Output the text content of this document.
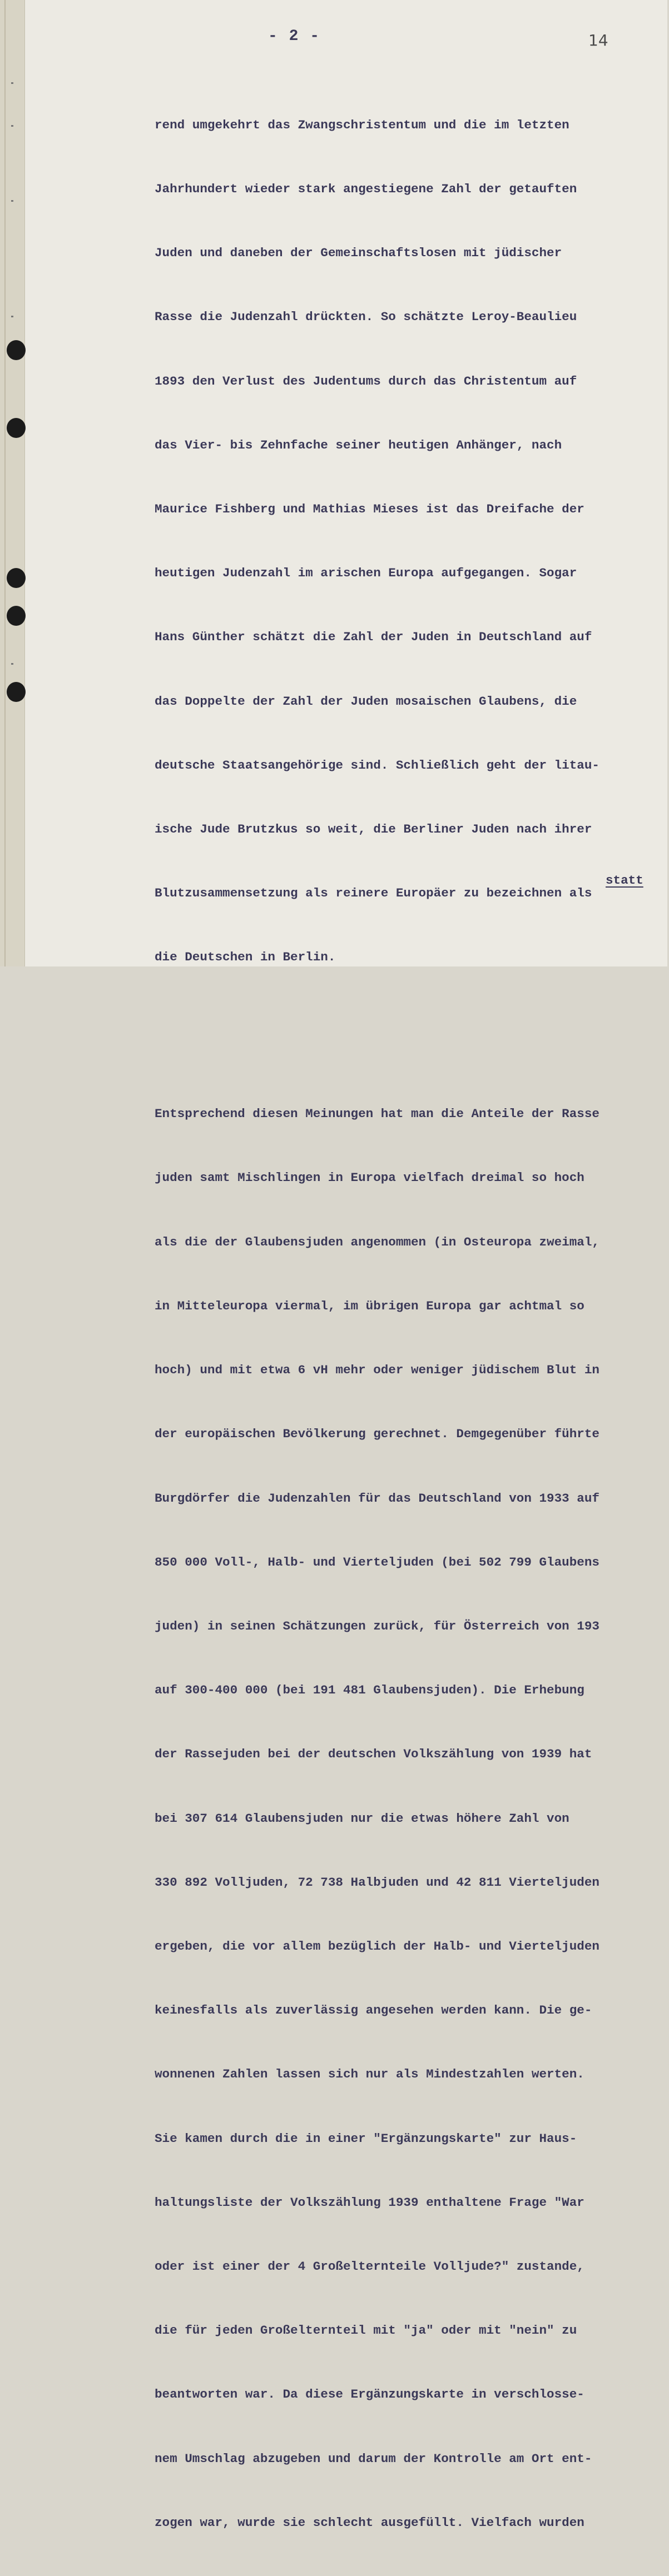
- 2 -	14

rend umgekehrt das Zwangschristentum und die im letzten

Jahrhundert wieder stark angestiegene Zahl der getauften

Juden und daneben der Gemeinschaftslosen mit jüdischer

Rasse die Judenzahl drückten. So schätzte Leroy-Beaulieu

1893 den Verlust des Judentums durch das Christentum auf

das Vier- bis Zehnfache seiner heutigen Anhänger, nach

Maurice Fishberg und Mathias Mieses ist das Dreifache der

heutigen Judenzahl im arischen Europa aufgegangen. Sogar

Hans Günther schätzt die Zahl der Juden in Deutschland auf

das Doppelte der Zahl der Juden mosaischen Glaubens, die

deutsche Staatsangehörige sind. Schließlich geht der litau-

ische Jude Brutzkus so weit, die Berliner Juden nach ihrer

Blutzusammensetzung als reinere Europäer zu bezeichnen als

die Deutschen in Berlin.

Entsprechend diesen Meinungen hat man die Anteile der Rasse

juden samt Mischlingen in Europa vielfach dreimal so hoch

als die der Glaubensjuden angenommen (in Osteuropa zweimal,

in Mitteleuropa viermal, im übrigen Europa gar achtmal so

hoch) und mit etwa 6 vH mehr oder weniger jüdischem Blut in

der europäischen Bevölkerung gerechnet. Demgegenüber führte

Burgdörfer die Judenzahlen für das Deutschland von 1933 auf

850 000 Voll-, Halb- und Vierteljuden (bei 502 799 Glaubens

juden) in seinen Schätzungen zurück, für Österreich von 193

auf 300-400 000 (bei 191 481 Glaubensjuden). Die Erhebung

der Rassejuden bei der deutschen Volkszählung von 1939 hat

bei 307 614 Glaubensjuden nur die etwas höhere Zahl von

330 892 Volljuden, 72 738 Halbjuden und 42 811 Vierteljuden

ergeben, die vor allem bezüglich der Halb- und Vierteljuden

keinesfalls als zuverlässig angesehen werden kann. Die ge-

wonnenen Zahlen lassen sich nur als Mindestzahlen werten.

Sie kamen durch die in einer "Ergänzungskarte" zur Haus-

haltungsliste der Volkszählung 1939 enthaltene Frage "War

oder ist einer der 4 Großelternteile Volljude?" zustande,

die für jeden Großelternteil mit "ja" oder mit "nein" zu

beantworten war. Da diese Ergänzungskarte in verschlosse-

nem Umschlag abzugeben und darum der Kontrolle am Ort ent-

zogen war, wurde sie schlecht ausgefüllt. Vielfach wurden

statt
